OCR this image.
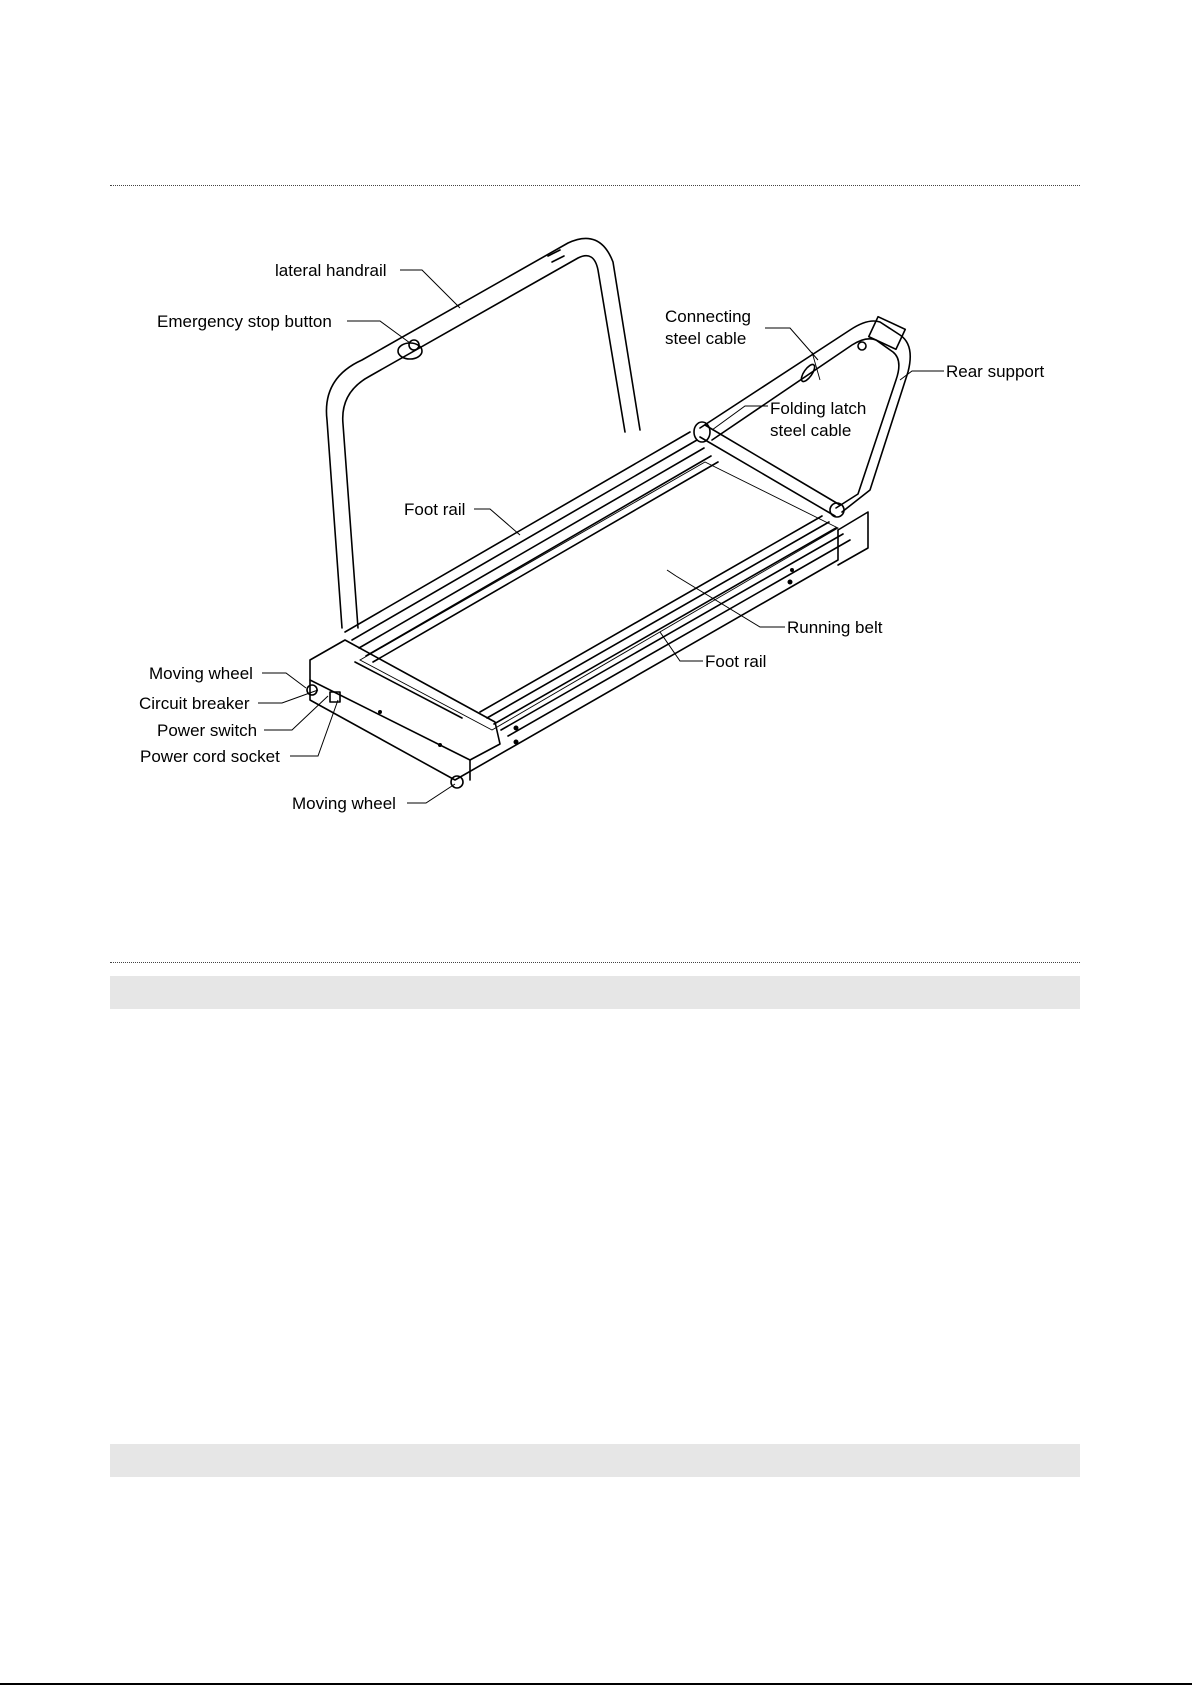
lateral handrail
Emergency stop button	Connecting
steel cable
Rear support
Folding latch
steel cable
Foot rail
Running belt
Foot rail
Moving wheel
Circuit breaker
Power switch
Power cord socket
Moving wheel
